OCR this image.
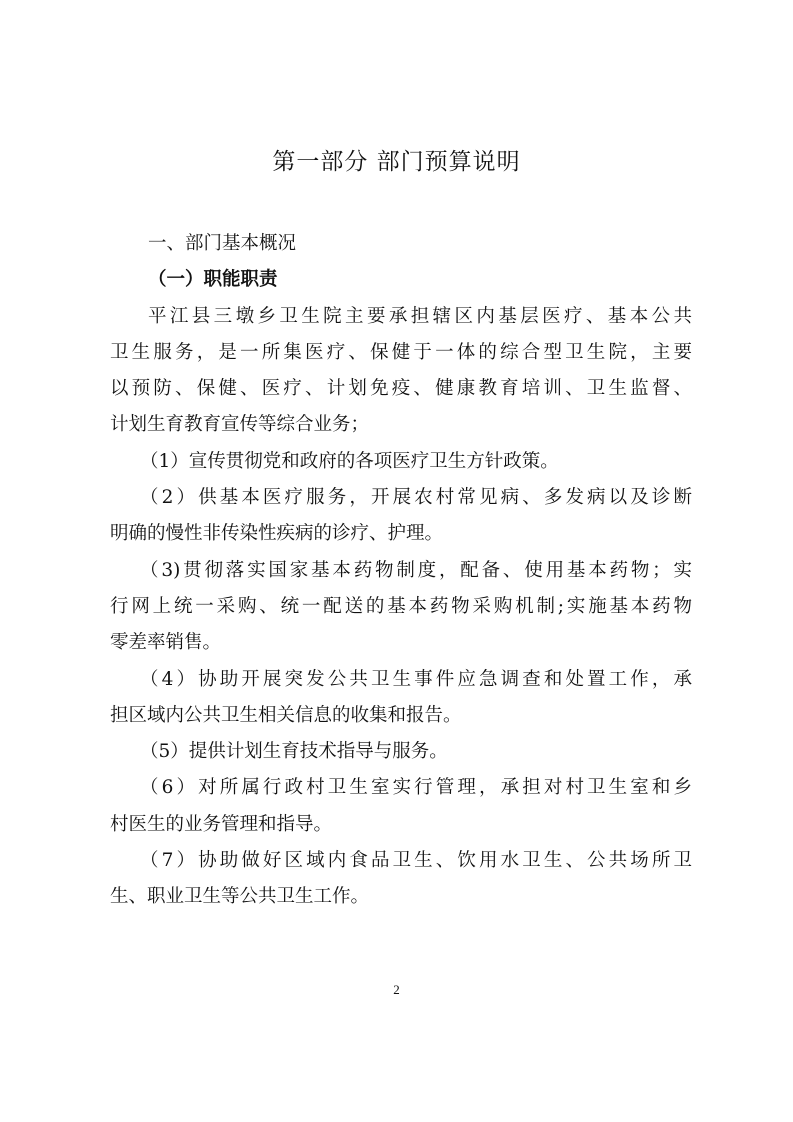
第一部分 部门预算说明
一、部门基本概况
（一）职能职责
平江县三墩乡卫生院主要承担辖区内基层医疗、基本公共
卫生服务，是一所集医疗、保健于一体的综合型卫生院，主要
以预防、保健、医疗、计划免疫、健康教育培训、卫生监督、
计划生育教育宣传等综合业务；
（1）宣传贯彻党和政府的各项医疗卫生方针政策。
（2）供基本医疗服务，开展农村常见病、多发病以及诊断
明确的慢性非传染性疾病的诊疗、护理。
（3)贯彻落实国家基本药物制度，配备、使用基本药物；实
行网上统一采购、统一配送的基本药物采购机制;实施基本药物
零差率销售。
（4）协助开展突发公共卫生事件应急调查和处置工作，承
担区域内公共卫生相关信息的收集和报告。
（5）提供计划生育技术指导与服务。
（6）对所属行政村卫生室实行管理，承担对村卫生室和乡
村医生的业务管理和指导。
（7）协助做好区域内食品卫生、饮用水卫生、公共场所卫
生、职业卫生等公共卫生工作。
2
